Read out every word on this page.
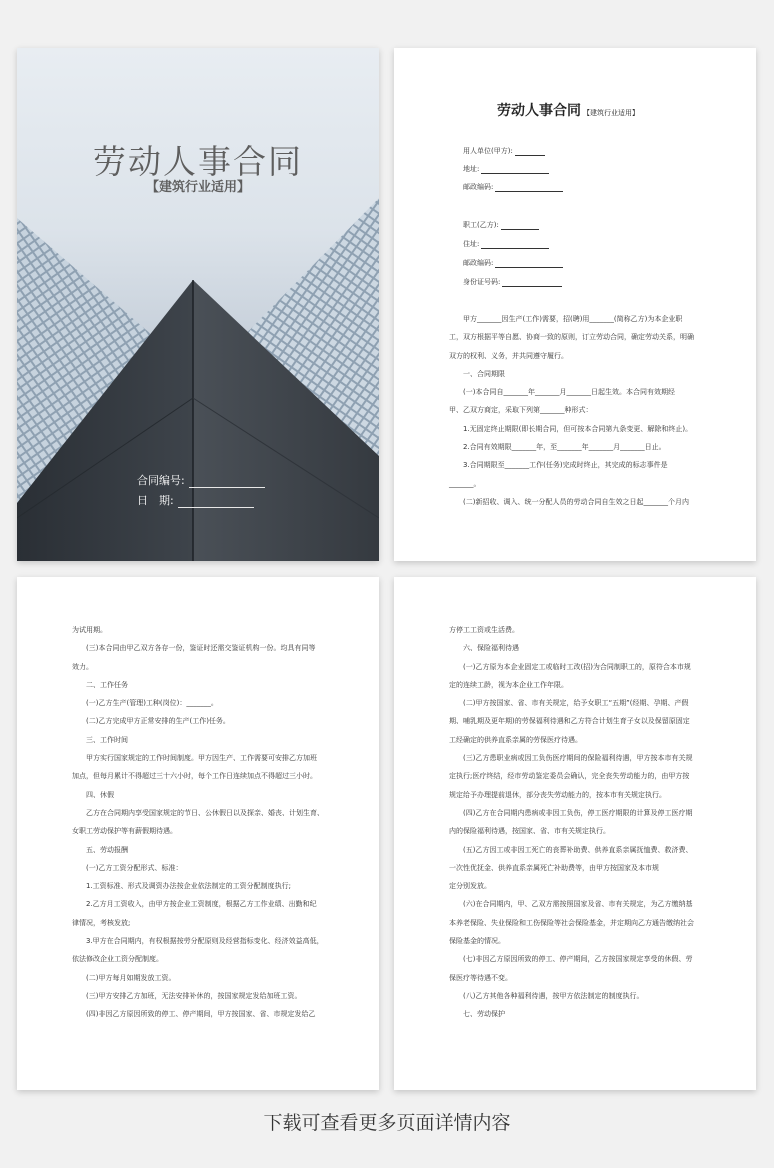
劳动人事合同
【建筑行业适用】
合同编号:
日　期:
劳动人事合同 【建筑行业适用】
用人单位(甲方):
地址:
邮政编码:
职工(乙方):
住址:
邮政编码:
身份证号码:

甲方_______因生产(工作)需要，招(聘)用_______(简称乙方)为本企业职

工，双方根据平等自愿、协商一致的原则，订立劳动合同，确定劳动关系，明确

双方的权利、义务，并共同遵守履行。

一、合同期限

(一)本合同自_______年_______月_______日起生效。本合同有效期经

甲、乙双方商定，采取下列第_______种形式：

1.无固定终止期限(即长期合同，但可按本合同第九条变更、解除和终止)。

2.合同有效期限_______年，至_______年_______月_______日止。

3.合同期限至_______工作(任务)完成时终止，其完成的标志事件是

_______。

(二)新招收、调入、统一分配人员的劳动合同自生效之日起_______个月内

为试用期。

(三)本合同由甲乙双方各存一份，鉴证时还需交鉴证机构一份。均具有同等

效力。

二、工作任务

(一)乙方生产(管理)工种(岗位)：_______。

(二)乙方完成甲方正常安排的生产(工作)任务。

三、工作时间

甲方实行国家规定的工作时间制度。甲方因生产、工作需要可安排乙方加班

加点，但每月累计不得超过三十六小时，每个工作日连续加点不得超过三小时。

四、休假

乙方在合同期内享受国家规定的节日、公休假日以及探亲、婚丧、计划生育、

女职工劳动保护等有薪假期待遇。

五、劳动报酬

(一)乙方工资分配形式、标准：

1.工资标准、形式及调资办法按企业依法制定的工资分配制度执行;

2.乙方月工资收入，由甲方按企业工资制度，根据乙方工作业绩、出勤和纪

律情况，考核发放;

3.甲方在合同期内，有权根据按劳分配原则及经营指标变化、经济效益高低，

依法修改企业工资分配制度。

(二)甲方每月如期发放工资。

(三)甲方安排乙方加班，无法安排补休的，按国家规定发给加班工资。

(四)非因乙方原因所致的停工、停产期间，甲方按国家、省、市规定发给乙

方停工工资或生活费。

六、保险福利待遇

(一)乙方原为本企业固定工或临时工改(招)为合同制职工的，原符合本市规

定的连续工龄，视为本企业工作年限。

(二)甲方按国家、省、市有关规定，给予女职工“五期”(经期、孕期、产假

期、哺乳期及更年期)的劳保福利待遇和乙方符合计划生育子女以及保留原固定

工经确定的供养直系亲属的劳保医疗待遇。

(三)乙方患职业病或因工负伤医疗期间的保险福利待遇，甲方按本市有关规

定执行;医疗终结，经市劳动鉴定委员会确认，完全丧失劳动能力的，由甲方按

规定给予办理提前退休，部分丧失劳动能力的，按本市有关规定执行。

(四)乙方在合同期内患病或非因工负伤，停工医疗期限的计算及停工医疗期

内的保险福利待遇，按国家、省、市有关规定执行。

(五)乙方因工或非因工死亡的丧葬补助费、供养直系亲属抚恤费、救济费、

一次性优抚金、供养直系亲属死亡补助费等，由甲方按国家及本市规

定分别发放。

(六)在合同期内，甲、乙双方需按照国家及省、市有关规定，为乙方缴纳基

本养老保险、失业保险和工伤保险等社会保险基金，并定期向乙方通告缴纳社会

保险基金的情况。

(七)非因乙方原因所致的停工、停产期间，乙方按国家规定享受的休假、劳

保医疗等待遇不变。

(八)乙方其他各种福利待遇，按甲方依法制定的制度执行。

七、劳动保护

下载可查看更多页面详情内容
